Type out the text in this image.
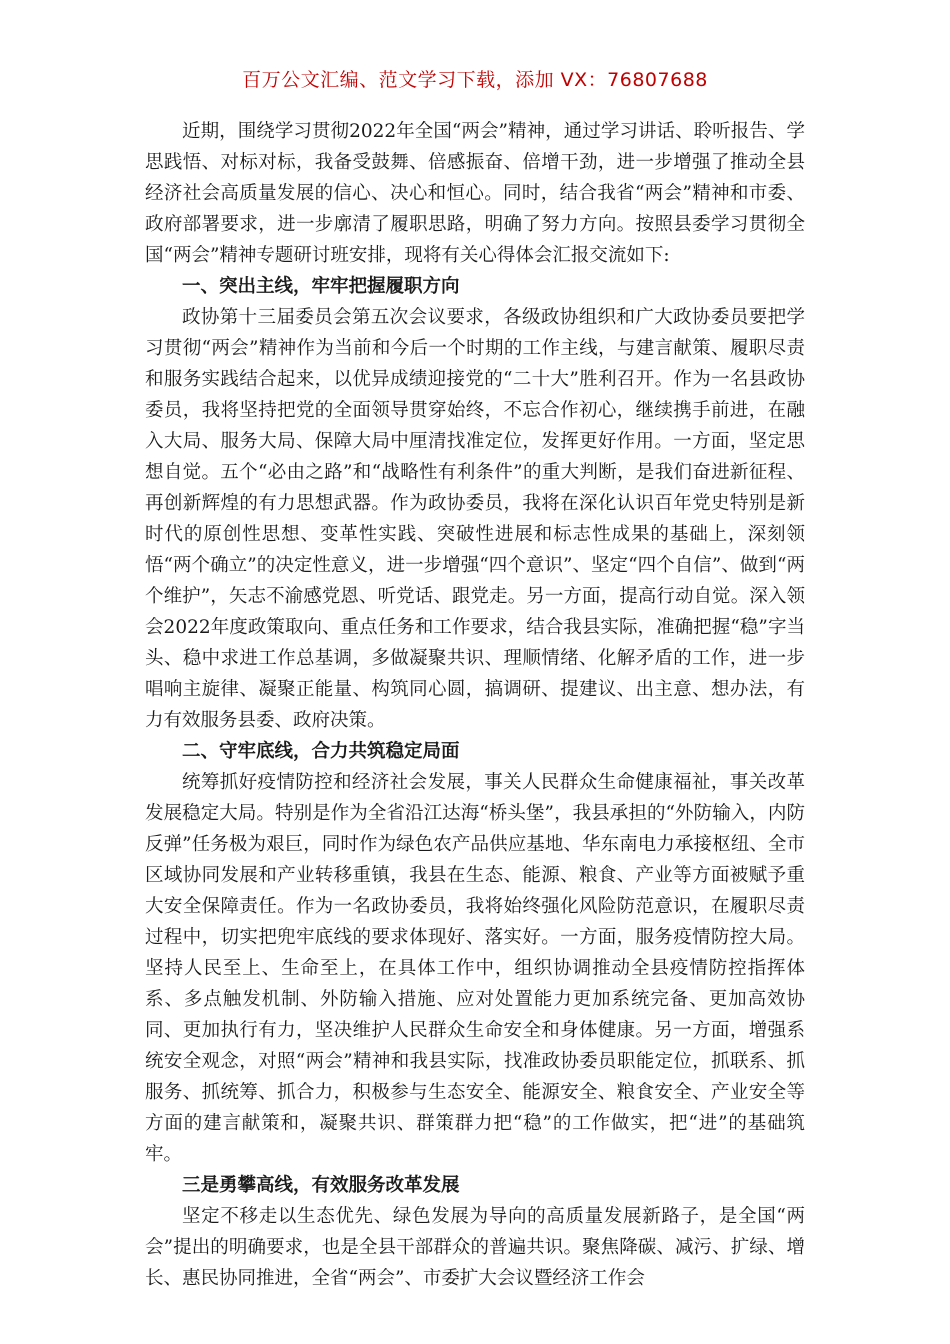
百万公文汇编、范文学习下载，添加 VX：76807688

近期，围绕学习贯彻2022年全国“两会”精神，通过学习讲话、聆听报告、学思践悟、对标对标，我备受鼓舞、倍感振奋、倍增干劲，进一步增强了推动全县经济社会高质量发展的信心、决心和恒心。同时，结合我省“两会”精神和市委、政府部署要求，进一步廓清了履职思路，明确了努力方向。按照县委学习贯彻全国“两会”精神专题研讨班安排，现将有关心得体会汇报交流如下:

一、突出主线，牢牢把握履职方向

政协第十三届委员会第五次会议要求，各级政协组织和广大政协委员要把学习贯彻“两会”精神作为当前和今后一个时期的工作主线，与建言献策、履职尽责和服务实践结合起来，以优异成绩迎接党的“二十大”胜利召开。作为一名县政协委员，我将坚持把党的全面领导贯穿始终，不忘合作初心，继续携手前进，在融入大局、服务大局、保障大局中厘清找准定位，发挥更好作用。一方面，坚定思想自觉。五个“必由之路”和“战略性有利条件”的重大判断，是我们奋进新征程、再创新辉煌的有力思想武器。作为政协委员，我将在深化认识百年党史特别是新时代的原创性思想、变革性实践、突破性进展和标志性成果的基础上，深刻领悟“两个确立”的决定性意义，进一步增强“四个意识”、坚定“四个自信”、做到“两个维护”，矢志不渝感党恩、听党话、跟党走。另一方面，提高行动自觉。深入领会2022年度政策取向、重点任务和工作要求，结合我县实际，准确把握“稳”字当头、稳中求进工作总基调，多做凝聚共识、理顺情绪、化解矛盾的工作，进一步唱响主旋律、凝聚正能量、构筑同心圆，搞调研、提建议、出主意、想办法，有力有效服务县委、政府决策。

二、守牢底线，合力共筑稳定局面

统筹抓好疫情防控和经济社会发展，事关人民群众生命健康福祉，事关改革发展稳定大局。特别是作为全省沿江达海“桥头堡”，我县承担的“外防输入，内防反弹”任务极为艰巨，同时作为绿色农产品供应基地、华东南电力承接枢纽、全市区域协同发展和产业转移重镇，我县在生态、能源、粮食、产业等方面被赋予重大安全保障责任。作为一名政协委员，我将始终强化风险防范意识，在履职尽责过程中，切实把兜牢底线的要求体现好、落实好。一方面，服务疫情防控大局。坚持人民至上、生命至上，在具体工作中，组织协调推动全县疫情防控指挥体系、多点触发机制、外防输入措施、应对处置能力更加系统完备、更加高效协同、更加执行有力，坚决维护人民群众生命安全和身体健康。另一方面，增强系统安全观念，对照“两会”精神和我县实际，找准政协委员职能定位，抓联系、抓服务、抓统筹、抓合力，积极参与生态安全、能源安全、粮食安全、产业安全等方面的建言献策和，凝聚共识、群策群力把“稳”的工作做实，把“进”的基础筑牢。

三是勇攀高线，有效服务改革发展

坚定不移走以生态优先、绿色发展为导向的高质量发展新路子，是全国“两会”提出的明确要求，也是全县干部群众的普遍共识。聚焦降碳、减污、扩绿、增长、惠民协同推进，全省“两会”、市委扩大会议暨经济工作会
